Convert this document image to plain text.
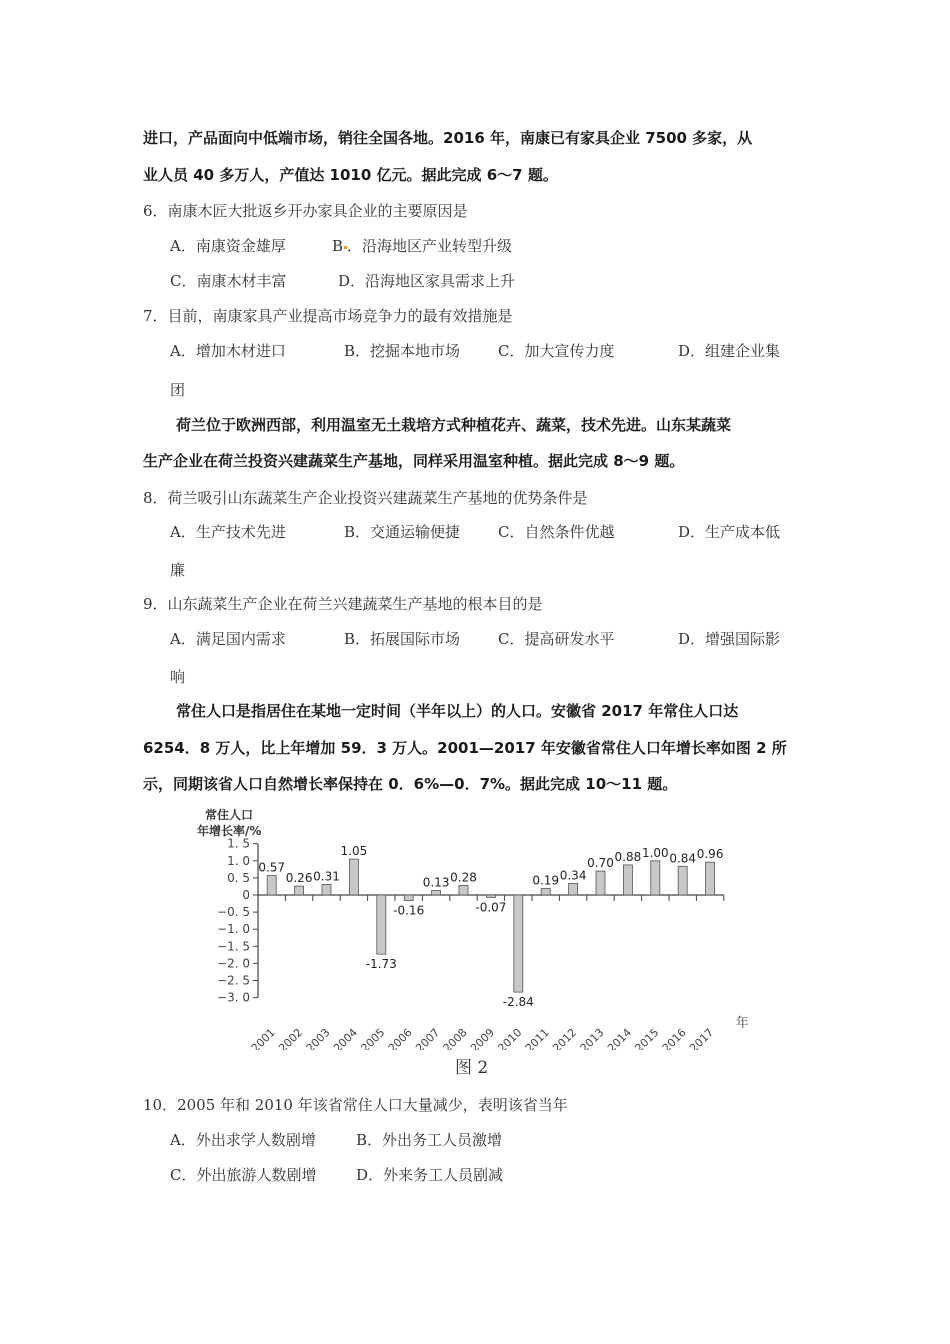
进口，产品面向中低端市场，销往全国各地。2016 年，南康已有家具企业 7500 多家，从
业人员 40 多万人，产值达 1010 亿元。据此完成 6～7 题。
6．南康木匠大批返乡开办家具企业的主要原因是
A．南康资金雄厚	B ．沿海地区产业转型升级
C．南康木材丰富	D．沿海地区家具需求上升
7．目前，南康家具产业提高市场竞争力的最有效措施是
A．增加木材进口	B．挖掘本地市场	C．加大宣传力度	D．组建企业集
团
荷兰位于欧洲西部，利用温室无土栽培方式种植花卉、蔬菜，技术先进。山东某蔬菜
生产企业在荷兰投资兴建蔬菜生产基地，同样采用温室种植。据此完成 8～9 题。
8．荷兰吸引山东蔬菜生产企业投资兴建蔬菜生产基地的优势条件是
A．生产技术先进	B．交通运输便捷	C．自然条件优越	D．生产成本低
廉
9．山东蔬菜生产企业在荷兰兴建蔬菜生产基地的根本目的是
A．满足国内需求	B．拓展国际市场	C．提高研发水平	D．增强国际影
响
常住人口是指居住在某地一定时间（半年以上）的人口。安徽省 2017 年常住人口达
6254．8 万人，比上年增加 59．3 万人。2001—2017 年安徽省常住人口年增长率如图 2 所
示，同期该省人口自然增长率保持在 0．6%—0．7%。据此完成 10～11 题。
常住人口
年增长率/%
1. 5
1. 0
0. 5
0
−0. 5
−1. 0
−1. 5
−2. 0
−2. 5
−3. 0
0.57
2001
0.26
2002
0.31
2003
1.05
2004
-1.73
2005
-0.16
2006
0.13
2007
0.28
2008
-0.07
2009
-2.84
2010
0.19
2011
0.34
2012
0.70
2013
0.88
2014
1.00
2015
0.84
2016
0.96
2017
年
图 2
10．2005 年和 2010 年该省常住人口大量减少，表明该省当年
A．外出求学人数剧增	B．外出务工人员激增
C．外出旅游人数剧增	D．外来务工人员剧减
